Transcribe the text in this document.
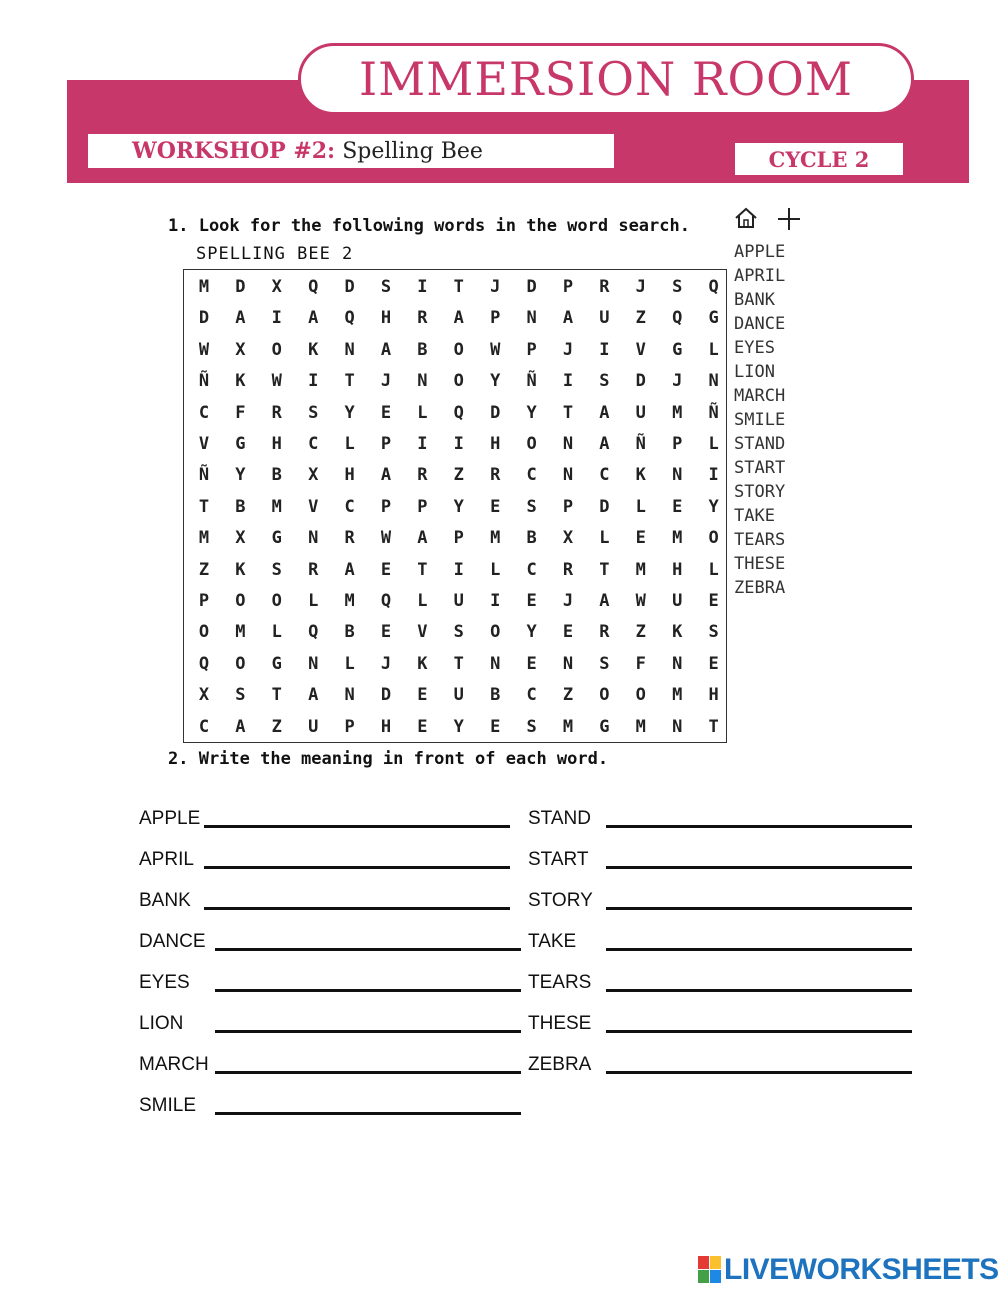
IMMERSION ROOM
WORKSHOP #2: Spelling Bee	CYCLE 2
1. Look for the following words in the word search.
SPELLING BEE 2
M	D	X	Q	D	S	I	T	J	D	P	R	J	S	Q
D	A	I	A	Q	H	R	A	P	N	A	U	Z	Q	G
W	X	O	K	N	A	B	O	W	P	J	I	V	G	L
Ñ	K	W	I	T	J	N	O	Y	Ñ	I	S	D	J	N
C	F	R	S	Y	E	L	Q	D	Y	T	A	U	M	Ñ
V	G	H	C	L	P	I	I	H	O	N	A	Ñ	P	L
Ñ	Y	B	X	H	A	R	Z	R	C	N	C	K	N	I
T	B	M	V	C	P	P	Y	E	S	P	D	L	E	Y
M	X	G	N	R	W	A	P	M	B	X	L	E	M	O
Z	K	S	R	A	E	T	I	L	C	R	T	M	H	L
P	O	O	L	M	Q	L	U	I	E	J	A	W	U	E
O	M	L	Q	B	E	V	S	O	Y	E	R	Z	K	S
Q	O	G	N	L	J	K	T	N	E	N	S	F	N	E
X	S	T	A	N	D	E	U	B	C	Z	O	O	M	H
C	A	Z	U	P	H	E	Y	E	S	M	G	M	N	T
APPLE
APRIL
BANK
DANCE
EYES
LION
MARCH
SMILE
STAND
START
STORY
TAKE
TEARS
THESE
ZEBRA
2. Write the meaning in front of each word.
APPLE
APRIL
BANK
DANCE
EYES
LION
MARCH
SMILE
STAND
START
STORY
TAKE
TEARS
THESE
ZEBRA
LIVEWORKSHEETS
